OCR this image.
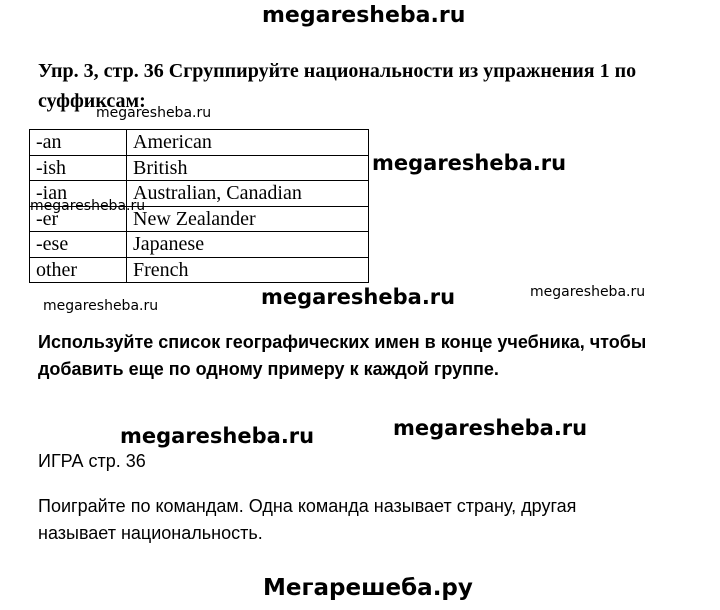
megaresheba.ru
Упр. 3, стр. 36 Сгруппируйте национальности из упражнения 1 по суффиксам:
-an	American
-ish	British
-ian	Australian, Canadian
-er	New Zealander
-ese	Japanese
other	French
megaresheba.ru
megaresheba.ru
megaresheba.ru
megaresheba.ru
megaresheba.ru
megaresheba.ru
Используйте список географических имен в конце учебника, чтобы добавить еще по одному примеру к каждой группе.
megaresheba.ru	megaresheba.ru
ИГРА стр. 36
Поиграйте по командам. Одна команда называет страну, другая называет национальность.
Мегарешеба.ру
